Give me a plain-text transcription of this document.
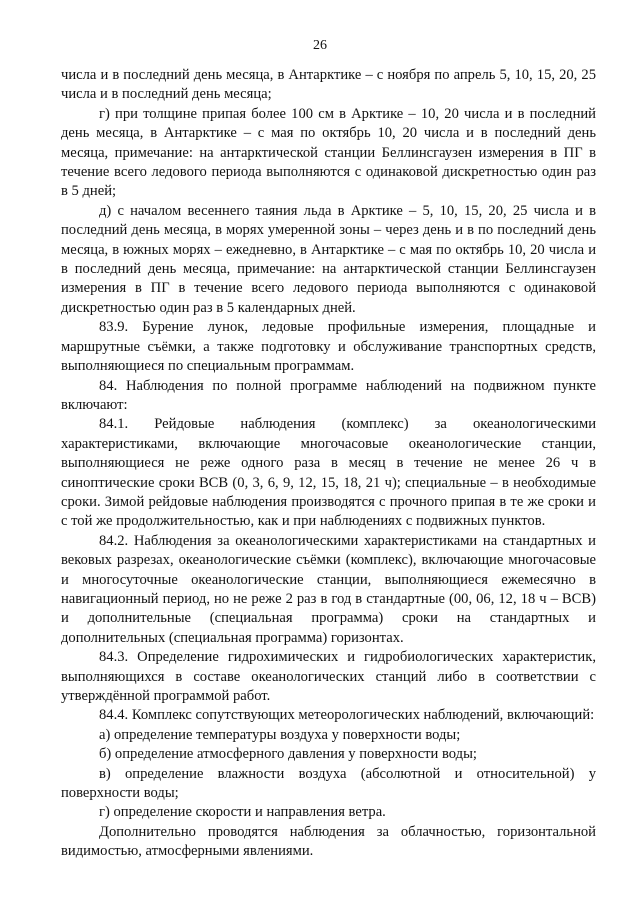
26

числа и в последний день месяца, в Антарктике – с ноября по апрель 5, 10, 15, 20, 25 числа и в последний день месяца;

г) при толщине припая более 100 см в Арктике – 10, 20 числа и в последний день месяца, в Антарктике – с мая по октябрь 10, 20 числа и в последний день месяца, примечание: на антарктической станции Беллинсгаузен измерения в ПГ в течение всего ледового периода выполняются с одинаковой дискретностью один раз в 5 дней;

д) с началом весеннего таяния льда в Арктике – 5, 10, 15, 20, 25 числа и в последний день месяца, в морях умеренной зоны – через день и в по последний день месяца, в южных морях – ежедневно, в Антарктике – с мая по октябрь 10, 20 числа и в последний день месяца, примечание: на антарктической станции Беллинсгаузен измерения в ПГ в течение всего ледового периода выполняются с одинаковой дискретностью один раз в 5 календарных дней.

83.9. Бурение лунок, ледовые профильные измерения, площадные и маршрутные съёмки, а также подготовку и обслуживание транспортных средств, выполняющиеся по специальным программам.

84. Наблюдения по полной программе наблюдений на подвижном пункте включают:

84.1. Рейдовые наблюдения (комплекс) за океанологическими характеристиками, включающие многочасовые океанологические станции, выполняющиеся не реже одного раза в месяц в течение не менее 26 ч в синоптические сроки ВСВ (0, 3, 6, 9, 12, 15, 18, 21 ч); специальные – в необходимые сроки. Зимой рейдовые наблюдения производятся с прочного припая в те же сроки и с той же продолжительностью, как и при наблюдениях с подвижных пунктов.

84.2. Наблюдения за океанологическими характеристиками на стандартных и вековых разрезах, океанологические съёмки (комплекс), включающие многочасовые и многосуточные океанологические станции, выполняющиеся ежемесячно в навигационный период, но не реже 2 раз в год в стандартные (00, 06, 12, 18 ч – ВСВ) и дополнительные (специальная программа) сроки на стандартных и дополнительных (специальная программа) горизонтах.

84.3. Определение гидрохимических и гидробиологических характеристик, выполняющихся в составе океанологических станций либо в соответствии с утверждённой программой работ.

84.4. Комплекс сопутствующих метеорологических наблюдений, включающий:

а) определение температуры воздуха у поверхности воды;

б) определение атмосферного давления у поверхности воды;

в) определение влажности воздуха (абсолютной и относительной) у поверхности воды;

г) определение скорости и направления ветра.

Дополнительно проводятся наблюдения за облачностью, горизонтальной видимостью, атмосферными явлениями.
